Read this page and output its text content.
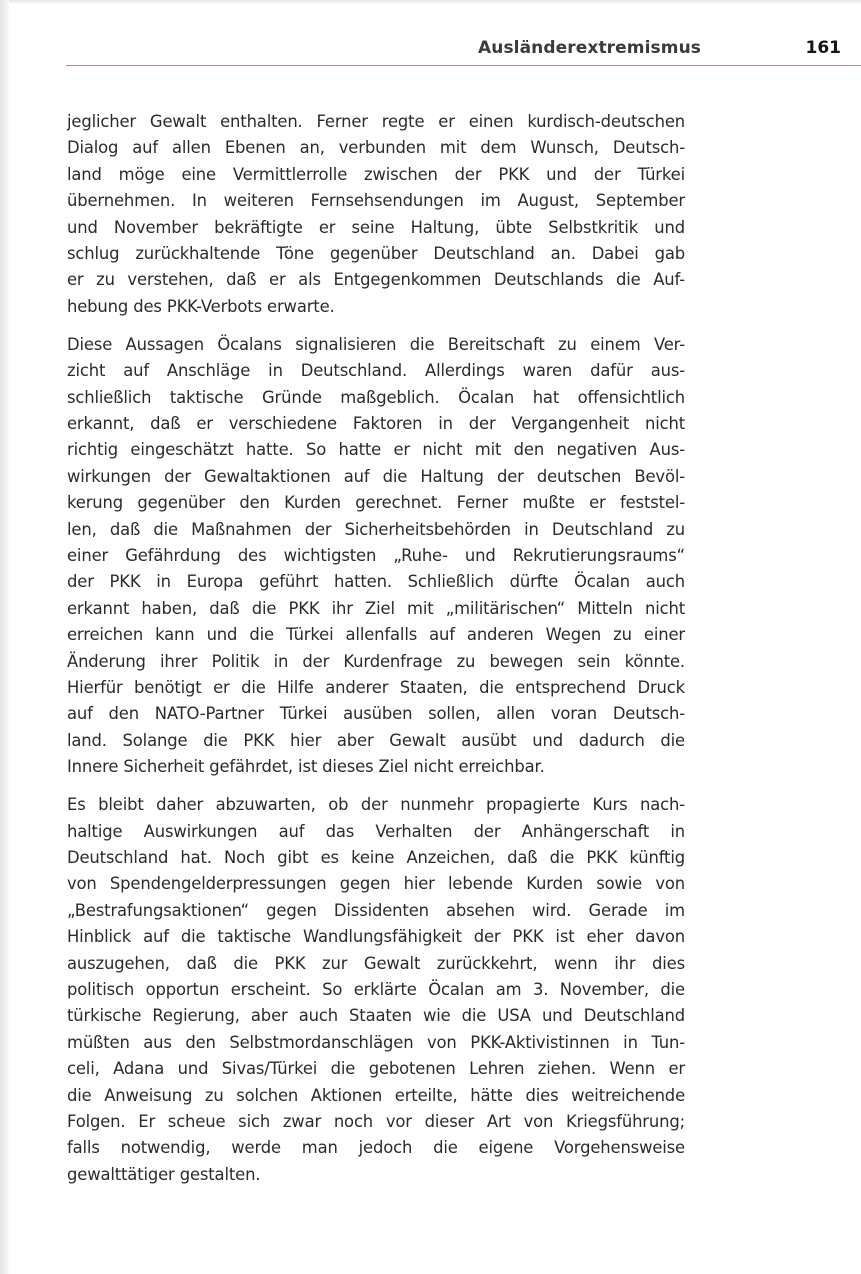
Ausländerextremismus	161

jeglicher Gewalt enthalten. Ferner regte er einen kurdisch-deutschen
Dialog auf allen Ebenen an, verbunden mit dem Wunsch, Deutsch-
land möge eine Vermittlerrolle zwischen der PKK und der Türkei
übernehmen. In weiteren Fernsehsendungen im August, September
und November bekräftigte er seine Haltung, übte Selbstkritik und
schlug zurückhaltende Töne gegenüber Deutschland an. Dabei gab
er zu verstehen, daß er als Entgegenkommen Deutschlands die Auf-
hebung des PKK-Verbots erwarte.

Diese Aussagen Öcalans signalisieren die Bereitschaft zu einem Ver-
zicht auf Anschläge in Deutschland. Allerdings waren dafür aus-
schließlich taktische Gründe maßgeblich. Öcalan hat offensichtlich
erkannt, daß er verschiedene Faktoren in der Vergangenheit nicht
richtig eingeschätzt hatte. So hatte er nicht mit den negativen Aus-
wirkungen der Gewaltaktionen auf die Haltung der deutschen Bevöl-
kerung gegenüber den Kurden gerechnet. Ferner mußte er feststel-
len, daß die Maßnahmen der Sicherheitsbehörden in Deutschland zu
einer Gefährdung des wichtigsten „Ruhe- und Rekrutierungsraums“
der PKK in Europa geführt hatten. Schließlich dürfte Öcalan auch
erkannt haben, daß die PKK ihr Ziel mit „militärischen“ Mitteln nicht
erreichen kann und die Türkei allenfalls auf anderen Wegen zu einer
Änderung ihrer Politik in der Kurdenfrage zu bewegen sein könnte.
Hierfür benötigt er die Hilfe anderer Staaten, die entsprechend Druck
auf den NATO-Partner Türkei ausüben sollen, allen voran Deutsch-
land. Solange die PKK hier aber Gewalt ausübt und dadurch die
Innere Sicherheit gefährdet, ist dieses Ziel nicht erreichbar.

Es bleibt daher abzuwarten, ob der nunmehr propagierte Kurs nach-
haltige Auswirkungen auf das Verhalten der Anhängerschaft in
Deutschland hat. Noch gibt es keine Anzeichen, daß die PKK künftig
von Spendengelderpressungen gegen hier lebende Kurden sowie von
„Bestrafungsaktionen“ gegen Dissidenten absehen wird. Gerade im
Hinblick auf die taktische Wandlungsfähigkeit der PKK ist eher davon
auszugehen, daß die PKK zur Gewalt zurückkehrt, wenn ihr dies
politisch opportun erscheint. So erklärte Öcalan am 3. November, die
türkische Regierung, aber auch Staaten wie die USA und Deutschland
müßten aus den Selbstmordanschlägen von PKK-Aktivistinnen in Tun-
celi, Adana und Sivas/Türkei die gebotenen Lehren ziehen. Wenn er
die Anweisung zu solchen Aktionen erteilte, hätte dies weitreichende
Folgen. Er scheue sich zwar noch vor dieser Art von Kriegsführung;
falls notwendig, werde man jedoch die eigene Vorgehensweise
gewalttätiger gestalten.
